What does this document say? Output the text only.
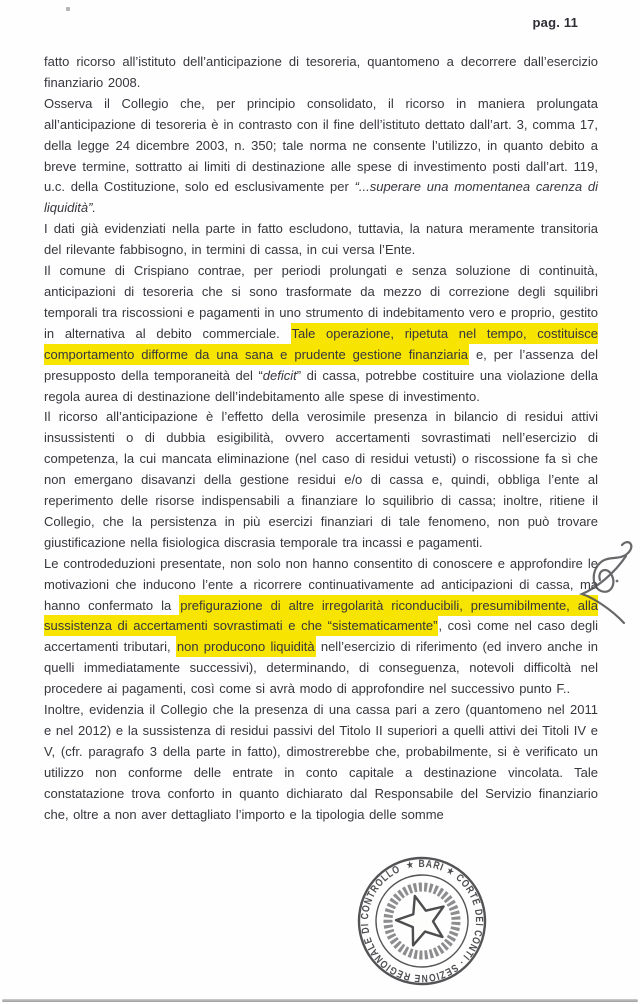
pag. 11

fatto ricorso all’istituto dell’anticipazione di tesoreria, quantomeno a decorrere dall’esercizio finanziario 2008.

Osserva il Collegio che, per principio consolidato, il ricorso in maniera prolungata all’anticipazione di tesoreria è in contrasto con il fine dell’istituto dettato dall’art. 3, comma 17, della legge 24 dicembre 2003, n. 350; tale norma ne consente l’utilizzo, in quanto debito a breve termine, sottratto ai limiti di destinazione alle spese di investimento posti dall’art. 119, u.c. della Costituzione, solo ed esclusivamente per “...superare una momentanea carenza di liquidità”.

I dati già evidenziati nella parte in fatto escludono, tuttavia, la natura meramente transitoria del rilevante fabbisogno, in termini di cassa, in cui versa l’Ente.

Il comune di Crispiano contrae, per periodi prolungati e senza soluzione di continuità, anticipazioni di tesoreria che si sono trasformate da mezzo di correzione degli squilibri temporali tra riscossioni e pagamenti in uno strumento di indebitamento vero e proprio, gestito in alternativa al debito commerciale. Tale operazione, ripetuta nel tempo, costituisce comportamento difforme da una sana e prudente gestione finanziaria e, per l’assenza del presupposto della temporaneità del “deficit” di cassa, potrebbe costituire una violazione della regola aurea di destinazione dell’indebitamento alle spese di investimento.

Il ricorso all’anticipazione è l’effetto della verosimile presenza in bilancio di residui attivi insussistenti o di dubbia esigibilità, ovvero accertamenti sovrastimati nell’esercizio di competenza, la cui mancata eliminazione (nel caso di residui vetusti) o riscossione fa sì che non emergano disavanzi della gestione residui e/o di cassa e, quindi, obbliga l’ente al reperimento delle risorse indispensabili a finanziare lo squilibrio di cassa; inoltre, ritiene il Collegio, che la persistenza in più esercizi finanziari di tale fenomeno, non può trovare giustificazione nella fisiologica discrasia temporale tra incassi e pagamenti.

Le controdeduzioni presentate, non solo non hanno consentito di conoscere e approfondire le motivazioni che inducono l’ente a ricorrere continuativamente ad anticipazioni di cassa, ma hanno confermato la prefigurazione di altre irregolarità riconducibili, presumibilmente, alla sussistenza di accertamenti sovrastimati e che “sistematicamente”, così come nel caso degli accertamenti tributari, non producono liquidità nell’esercizio di riferimento (ed invero anche in quelli immediatamente successivi), determinando, di conseguenza, notevoli difficoltà nel procedere ai pagamenti, così come si avrà modo di approfondire nel successivo punto F..

Inoltre, evidenzia il Collegio che la presenza di una cassa pari a zero (quantomeno nel 2011 e nel 2012) e la sussistenza di residui passivi del Titolo II superiori a quelli attivi dei Titoli IV e V, (cfr. paragrafo 3 della parte in fatto), dimostrerebbe che, probabilmente, si è verificato un utilizzo non conforme delle entrate in conto capitale a destinazione vincolata. Tale constatazione trova conforto in quanto dichiarato dal Responsabile del Servizio finanziario che, oltre a non aver dettagliato l’importo e la tipologia delle somme

★ BARI ★ CORTE DEI CONTI · SEZIONE REGIONALE DI CONTROLLO
